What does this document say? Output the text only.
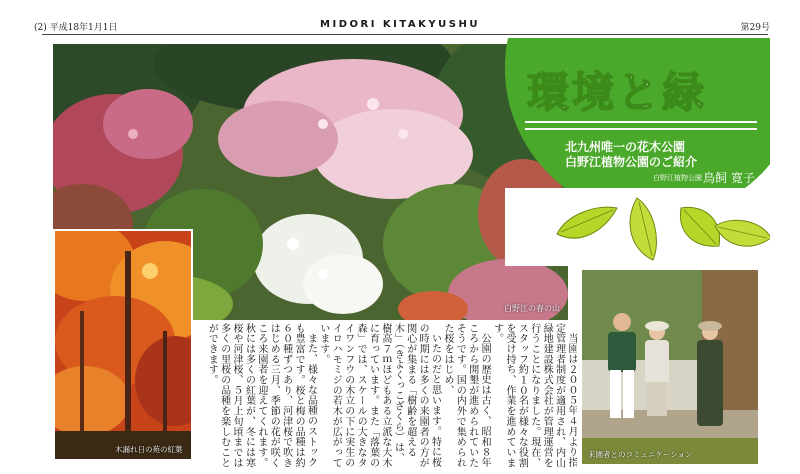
(2) 平成18年1月1日	MIDORI KITAKYUSHU	第29号
白野江の春の山
環境と緑
北九州唯一の花木公園
白野江植物公園のご紹介
白野江植物公園 鳥飼 寛子
木漏れ日の苑の紅葉	当園は２００５年４月より指定管理者制度が適用され、内山緑地建設株式会社が管理運営を行うことになりました。現在、スタッフ約１０名が様々な役割を受け持ち、作業を進めています。

公園の歴史は古く、昭和８年ころから開墾が進められていたそうです。国の内外で集められた桜をはじめ、

いたのだと思います。特に桜の時期には多くの来園者の方が関心が集まる「樹齢を超える木」（きよくっこざくら）は、樹高７ｍほどもある立派な大木に育っています。また「落葉の森」では、スケールの大きなタイワンフウの木立の下に実生のイロハモミジの若木が広がっています。

また、様々な品種のストックも豊富です。桜と梅の品種は約６０種ずつあり、河津桜で吹きはじめる三月、季節の花が咲くころ来園者を迎えてくれます。秋には多くの紅葉が、冬には寒桜や河津桜、５月上旬頃までは多くの里桜の品種を楽しむことができます。

来園者とのコミュニケーション
